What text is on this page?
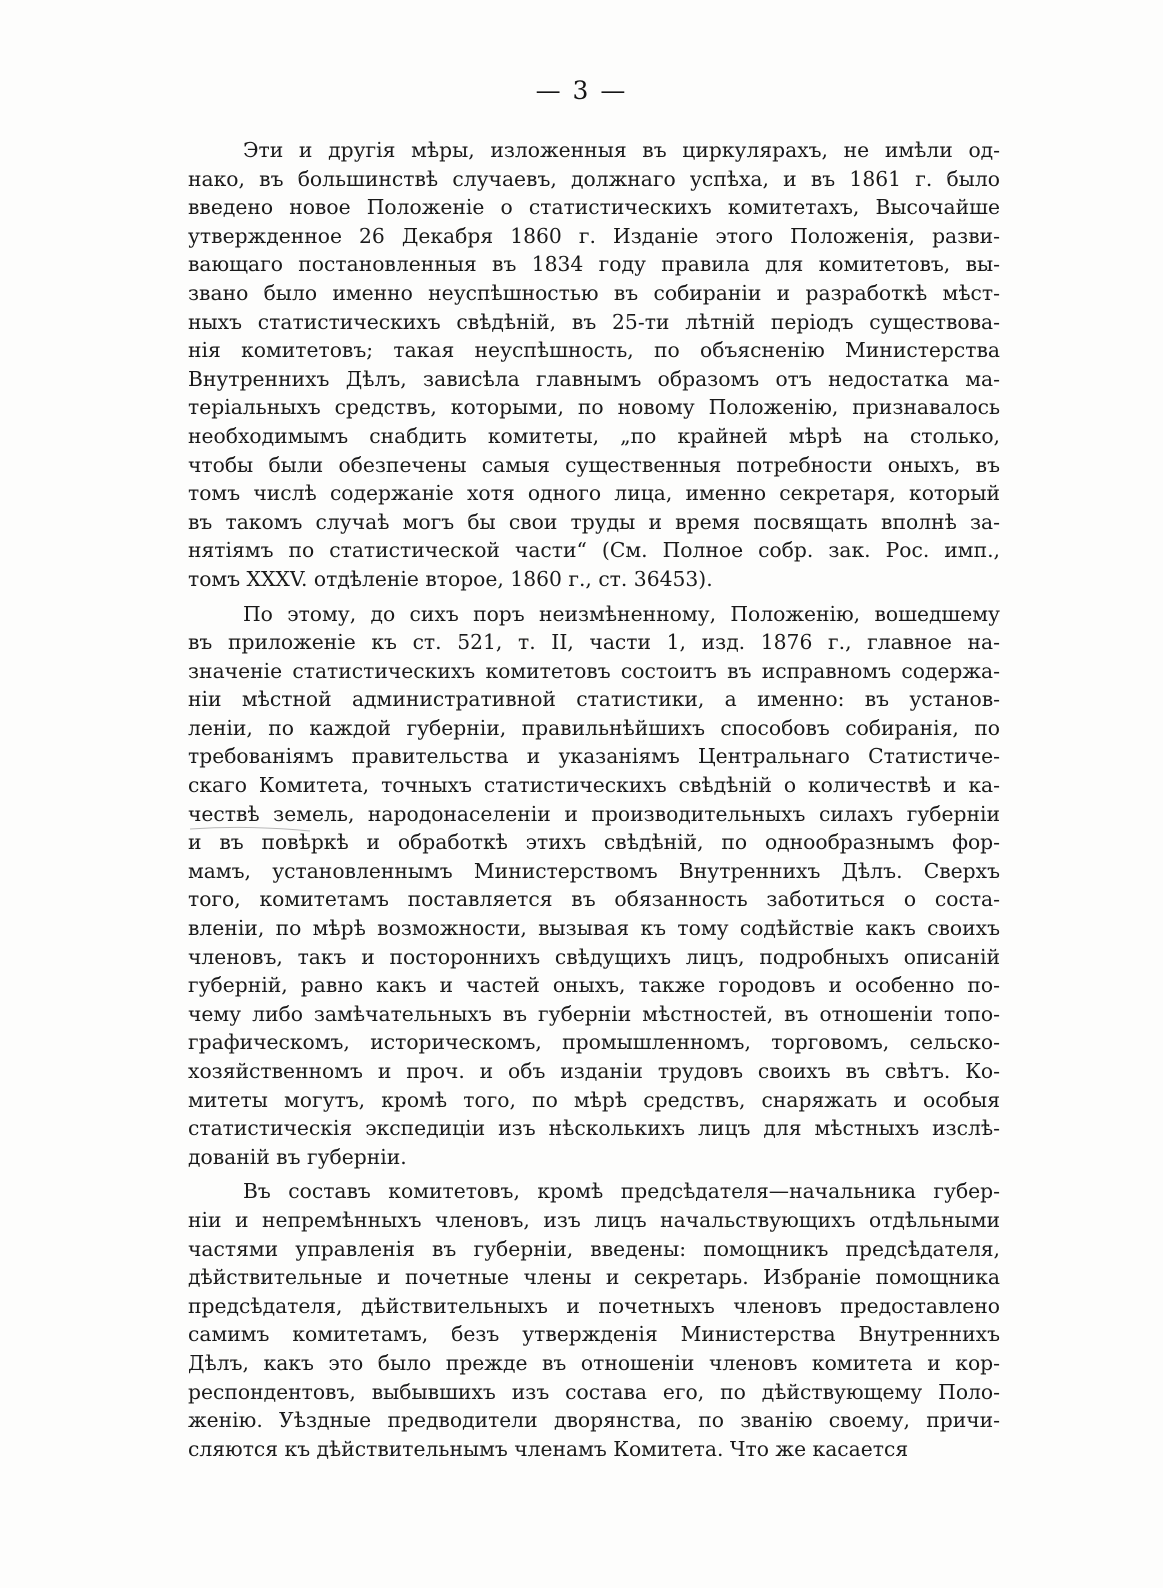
— 3 —
Эти и другія мѣры, изложенныя въ циркулярахъ, не имѣли од-
нако, въ большинствѣ случаевъ, должнаго успѣха, и въ 1861 г. было
введено новое Положеніе о статистическихъ комитетахъ, Высочайше
утвержденное 26 Декабря 1860 г. Изданіе этого Положенія, разви-
вающаго постановленныя въ 1834 году правила для комитетовъ, вы-
звано было именно неуспѣшностью въ собираніи и разработкѣ мѣст-
ныхъ статистическихъ свѣдѣній, въ 25-ти лѣтній періодъ существова-
нія комитетовъ; такая неуспѣшность, по объясненію Министерства
Внутреннихъ Дѣлъ, зависѣла главнымъ образомъ отъ недостатка ма-
теріальныхъ средствъ, которыми, по новому Положенію, признавалось
необходимымъ снабдить комитеты, „по крайней мѣрѣ на столько,
чтобы были обезпечены самыя существенныя потребности оныхъ, въ
томъ числѣ содержаніе хотя одного лица, именно секретаря, который
въ такомъ случаѣ могъ бы свои труды и время посвящать вполнѣ за-
нятіямъ по статистической части“ (См. Полное собр. зак. Рос. имп.,
томъ XXXV. отдѣленіе второе, 1860 г., ст. 36453).
По этому, до сихъ поръ неизмѣненному, Положенію, вошедшему
въ приложеніе къ ст. 521, т. II, части 1, изд. 1876 г., главное на-
значеніе статистическихъ комитетовъ состоитъ въ исправномъ содержа-
ніи мѣстной административной статистики, а именно: въ установ-
леніи, по каждой губерніи, правильнѣйшихъ способовъ собиранія, по
требованіямъ правительства и указаніямъ Центральнаго Статистиче-
скаго Комитета, точныхъ статистическихъ свѣдѣній о количествѣ и ка-
чествѣ земель, народонаселеніи и производительныхъ силахъ губерніи
и въ повѣркѣ и обработкѣ этихъ свѣдѣній, по однообразнымъ фор-
мамъ, установленнымъ Министерствомъ Внутреннихъ Дѣлъ. Сверхъ
того, комитетамъ поставляется въ обязанность заботиться о соста-
вленіи, по мѣрѣ возможности, вызывая къ тому содѣйствіе какъ своихъ
членовъ, такъ и постороннихъ свѣдущихъ лицъ, подробныхъ описаній
губерній, равно какъ и частей оныхъ, также городовъ и особенно по-
чему либо замѣчательныхъ въ губерніи мѣстностей, въ отношеніи топо-
графическомъ, историческомъ, промышленномъ, торговомъ, сельско-
хозяйственномъ и проч. и объ изданіи трудовъ своихъ въ свѣтъ. Ко-
митеты могутъ, кромѣ того, по мѣрѣ средствъ, снаряжать и особыя
статистическія экспедиціи изъ нѣсколькихъ лицъ для мѣстныхъ изслѣ-
дованій въ губерніи.
Въ составъ комитетовъ, кромѣ предсѣдателя—начальника губер-
ніи и непремѣнныхъ членовъ, изъ лицъ начальствующихъ отдѣльными
частями управленія въ губерніи, введены: помощникъ предсѣдателя,
дѣйствительные и почетные члены и секретарь. Избраніе помощника
предсѣдателя, дѣйствительныхъ и почетныхъ членовъ предоставлено
самимъ комитетамъ, безъ утвержденія Министерства Внутреннихъ
Дѣлъ, какъ это было прежде въ отношеніи членовъ комитета и кор-
респондентовъ, выбывшихъ изъ состава его, по дѣйствующему Поло-
женію. Уѣздные предводители дворянства, по званію своему, причи-
сляются къ дѣйствительнымъ членамъ Комитета. Что же касается
